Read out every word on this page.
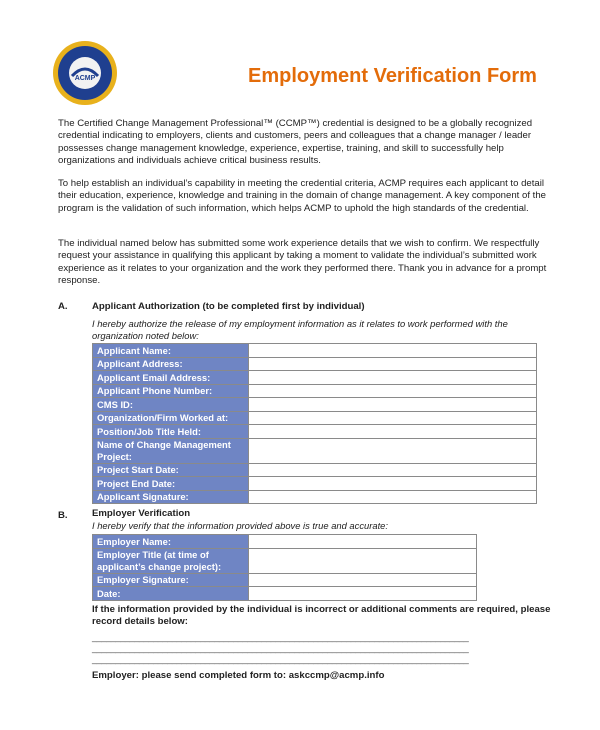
ACMP	Employment Verification Form

The Certified Change Management Professional™ (CCMP™) credential is designed to be a globally recognized credential indicating to employers, clients and customers, peers and colleagues that a change manager / leader possesses change management knowledge, experience, expertise, training, and skill to successfully help organizations and individuals achieve critical business results.

To help establish an individual’s capability in meeting the credential criteria, ACMP requires each applicant to detail their education, experience, knowledge and training in the domain of change management. A key component of the program is the validation of such information, which helps ACMP to uphold the high standards of the credential.

The individual named below has submitted some work experience details that we wish to confirm. We respectfully request your assistance in qualifying this applicant by taking a moment to validate the individual’s submitted work experience as it relates to your organization and the work they performed there. Thank you in advance for a prompt response.

A.	Applicant Authorization (to be completed first by individual)

I hereby authorize the release of my employment information as it relates to work performed with the organization noted below:

Applicant Name:	
Applicant Address:	
Applicant Email Address:	
Applicant Phone Number:	
CMS ID:	
Organization/Firm Worked at:	
Position/Job Title Held:	
Name of Change Management Project:	
Project Start Date:	
Project End Date:	
Applicant Signature:	
B.	Employer Verification

I hereby verify that the information provided above is true and accurate:

Employer Name:	
Employer Title (at time of applicant’s change project):	
Employer Signature:	
Date:	

If the information provided by the individual is incorrect or additional comments are required, please record details below:

________________________________________________________________________________
________________________________________________________________________________
________________________________________________________________________________
Employer: please send completed form to: askccmp@acmp.info
